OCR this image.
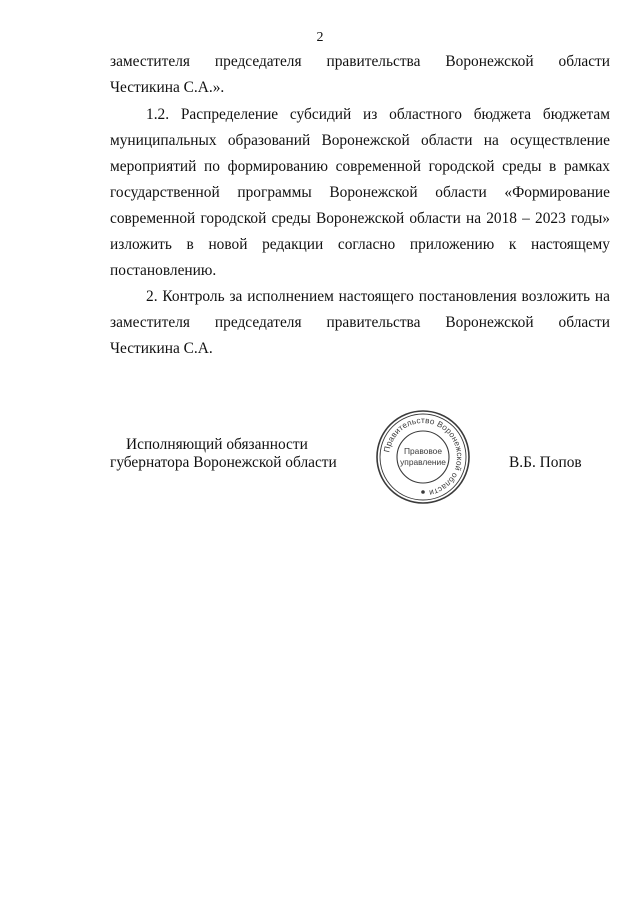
2
заместителя председателя правительства Воронежской области
Честикина С.А.».
1.2. Распределение субсидий из областного бюджета бюджетам
муниципальных образований Воронежской области на осуществление
мероприятий по формированию современной городской среды в рамках
государственной программы Воронежской области «Формирование
современной городской среды Воронежской области на 2018 – 2023 годы»
изложить в новой редакции согласно приложению к настоящему
постановлению.
2. Контроль за исполнением настоящего постановления возложить на
заместителя председателя правительства Воронежской области
Честикина С.А.
Исполняющий обязанности
губернатора Воронежской области	В.Б. Попов
Правительство Воронежской области
Правовое
управление
